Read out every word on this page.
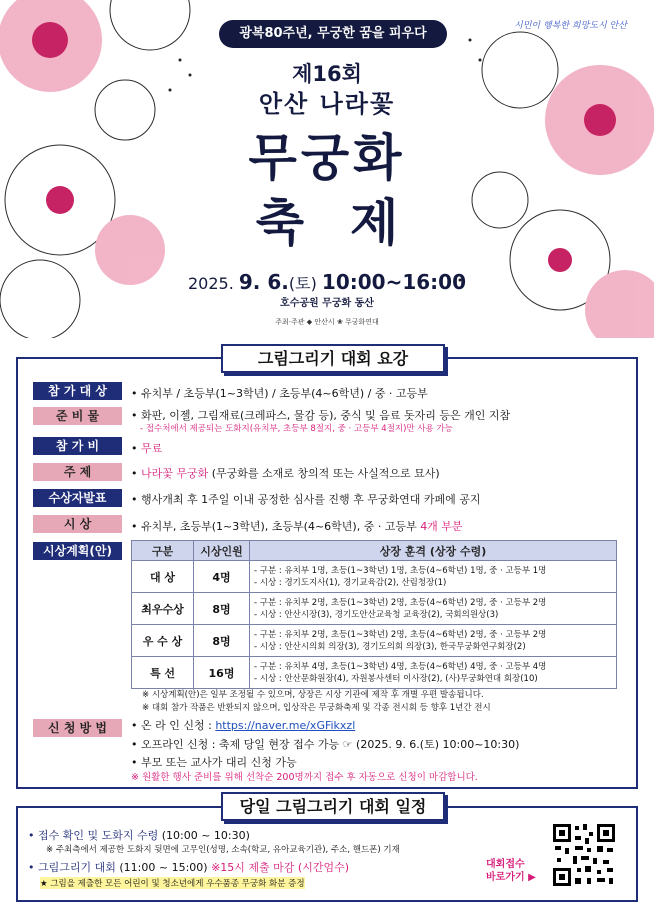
광복80주년, 무궁한 꿈을 피우다	시민이 행복한 희망도시 안산
제16회
안산 나라꽃
무궁화
축제
2025. 9. 6.(토) 10:00~16:00
호수공원 무궁화 동산
주최·주관 ◆ 안산시 ❀ 무궁화연대
그림그리기 대회 요강
참 가 대 상	• 유치부 / 초등부(1~3학년) / 초등부(4~6학년) / 중 · 고등부
준 비 물	• 화판, 이젤, 그림재료(크레파스, 물감 등), 중식 및 음료 돗자리 등은 개인 지참
- 접수처에서 제공되는 도화지(유치부, 초등부 8절지, 중 · 고등부 4절지)만 사용 가능
참 가 비	• 무료
주 제	• 나라꽃 무궁화 (무궁화를 소재로 창의적 또는 사실적으로 묘사)
수상자발표	• 행사개최 후 1주일 이내 공정한 심사를 진행 후 무궁화연대 카페에 공지
시 상	• 유치부, 초등부(1~3학년), 초등부(4~6학년), 중 · 고등부 4개 부분
시상계획(안)	구분	시상인원	상장 훈격 (상장 수령)
대 상	4명	- 구분 : 유치부 1명, 초등(1~3학년) 1명, 초등(4~6학년) 1명, 중 · 고등부 1명
- 시상 : 경기도지사(1), 경기교육감(2), 산림청장(1)

최우수상	8명	- 구분 : 유치부 2명, 초등(1~3학년) 2명, 초등(4~6학년) 2명, 중 · 고등부 2명
- 시상 : 안산시장(3), 경기도안산교육청 교육장(2), 국회의원상(3)

우 수 상	8명	- 구분 : 유치부 2명, 초등(1~3학년) 2명, 초등(4~6학년) 2명, 중 · 고등부 2명
- 시상 : 안산시의회 의장(3), 경기도의회 의장(3), 한국무궁화연구회장(2)

특 선	16명	- 구분 : 유치부 4명, 초등(1~3학년) 4명, 초등(4~6학년) 4명, 중 · 고등부 4명
- 시상 : 안산문화원장(4), 자원봉사센터 이사장(2), (사)무궁화연대 회장(10)
※ 시상계획(안)은 일부 조정될 수 있으며, 상장은 시상 기관에 제작 후 개별 우편 발송됩니다.
※ 대회 참가 작품은 반환되지 않으며, 입상작은 무궁화축제 및 각종 전시회 등 향후 1년간 전시
신 청 방 법	• 온 라 인 신청 : https://naver.me/xGFikxzl
• 오프라인 신청 : 축제 당일 현장 접수 가능 ☞ (2025. 9. 6.(토) 10:00~10:30)
• 부모 또는 교사가 대리 신청 가능
※ 원활한 행사 준비를 위해 선착순 200명까지 접수 후 자동으로 신청이 마감합니다.
당일 그림그리기 대회 일정
• 접수 확인 및 도화지 수령 (10:00 ~ 10:30)
※ 주최측에서 제공한 도화지 뒷면에 고무인(성명, 소속(학교, 유아교육기관), 주소, 핸드폰) 기재
• 그림그리기 대회 (11:00 ~ 15:00) ※15시 제출 마감 (시간엄수)
★ 그림을 제출한 모든 어린이 및 청소년에게 우수품종 무궁화 화분 증정
대회접수
바로가기 ▶
